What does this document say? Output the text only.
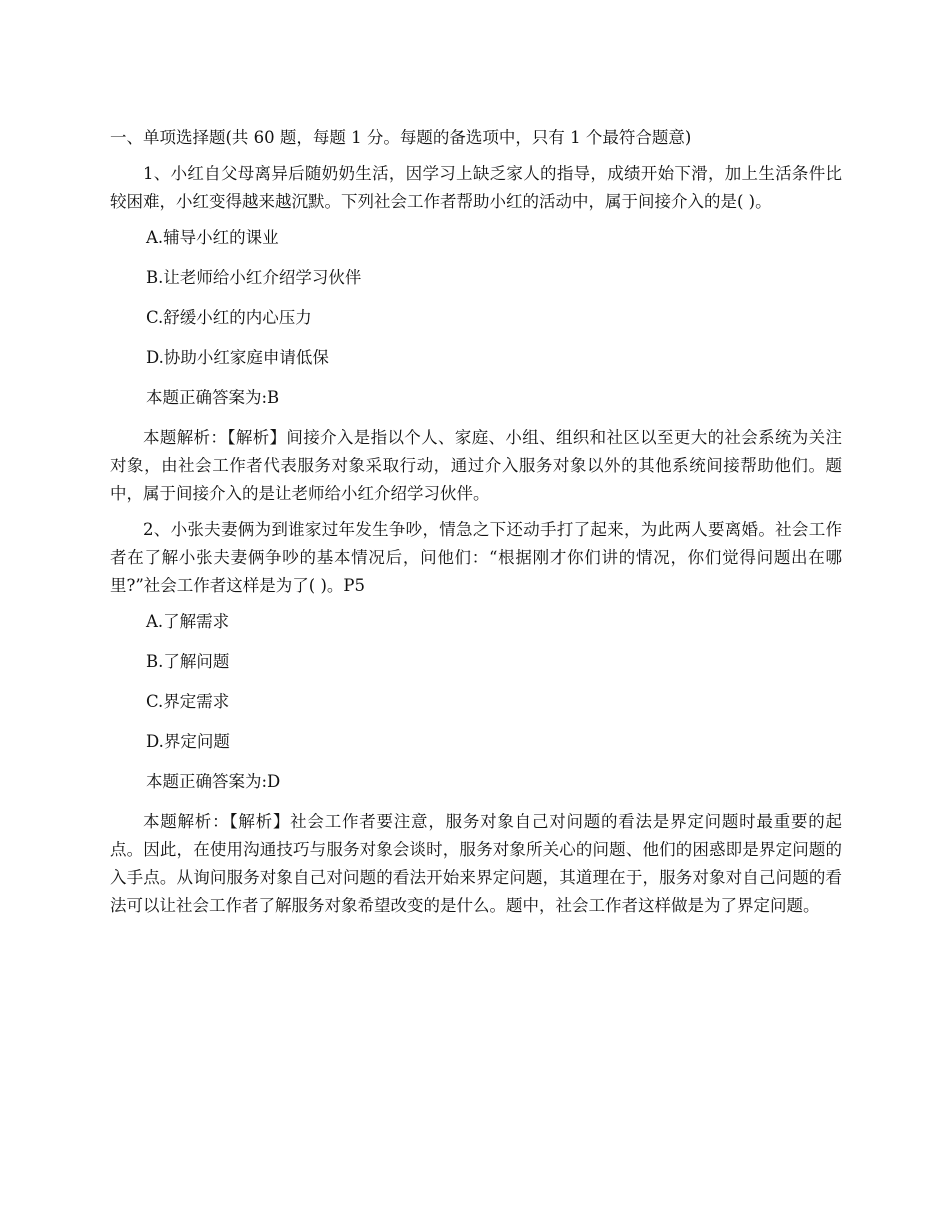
一、单项选择题(共 60 题，每题 1 分。每题的备选项中，只有 1 个最符合题意)

1、小红自父母离异后随奶奶生活，因学习上缺乏家人的指导，成绩开始下滑，加上生活条件比较困难，小红变得越来越沉默。下列社会工作者帮助小红的活动中，属于间接介入的是( )。

A.辅导小红的课业

B.让老师给小红介绍学习伙伴

C.舒缓小红的内心压力

D.协助小红家庭申请低保

本题正确答案为:B

本题解析：【解析】间接介入是指以个人、家庭、小组、组织和社区以至更大的社会系统为关注对象，由社会工作者代表服务对象采取行动，通过介入服务对象以外的其他系统间接帮助他们。题中，属于间接介入的是让老师给小红介绍学习伙伴。

2、小张夫妻俩为到谁家过年发生争吵，情急之下还动手打了起来，为此两人要离婚。社会工作者在了解小张夫妻俩争吵的基本情况后，问他们：“根据刚才你们讲的情况，你们觉得问题出在哪里?”社会工作者这样是为了( )。P5

A.了解需求

B.了解问题

C.界定需求

D.界定问题

本题正确答案为:D

本题解析：【解析】社会工作者要注意，服务对象自己对问题的看法是界定问题时最重要的起点。因此，在使用沟通技巧与服务对象会谈时，服务对象所关心的问题、他们的困惑即是界定问题的入手点。从询问服务对象自己对问题的看法开始来界定问题，其道理在于，服务对象对自己问题的看法可以让社会工作者了解服务对象希望改变的是什么。题中，社会工作者这样做是为了界定问题。
